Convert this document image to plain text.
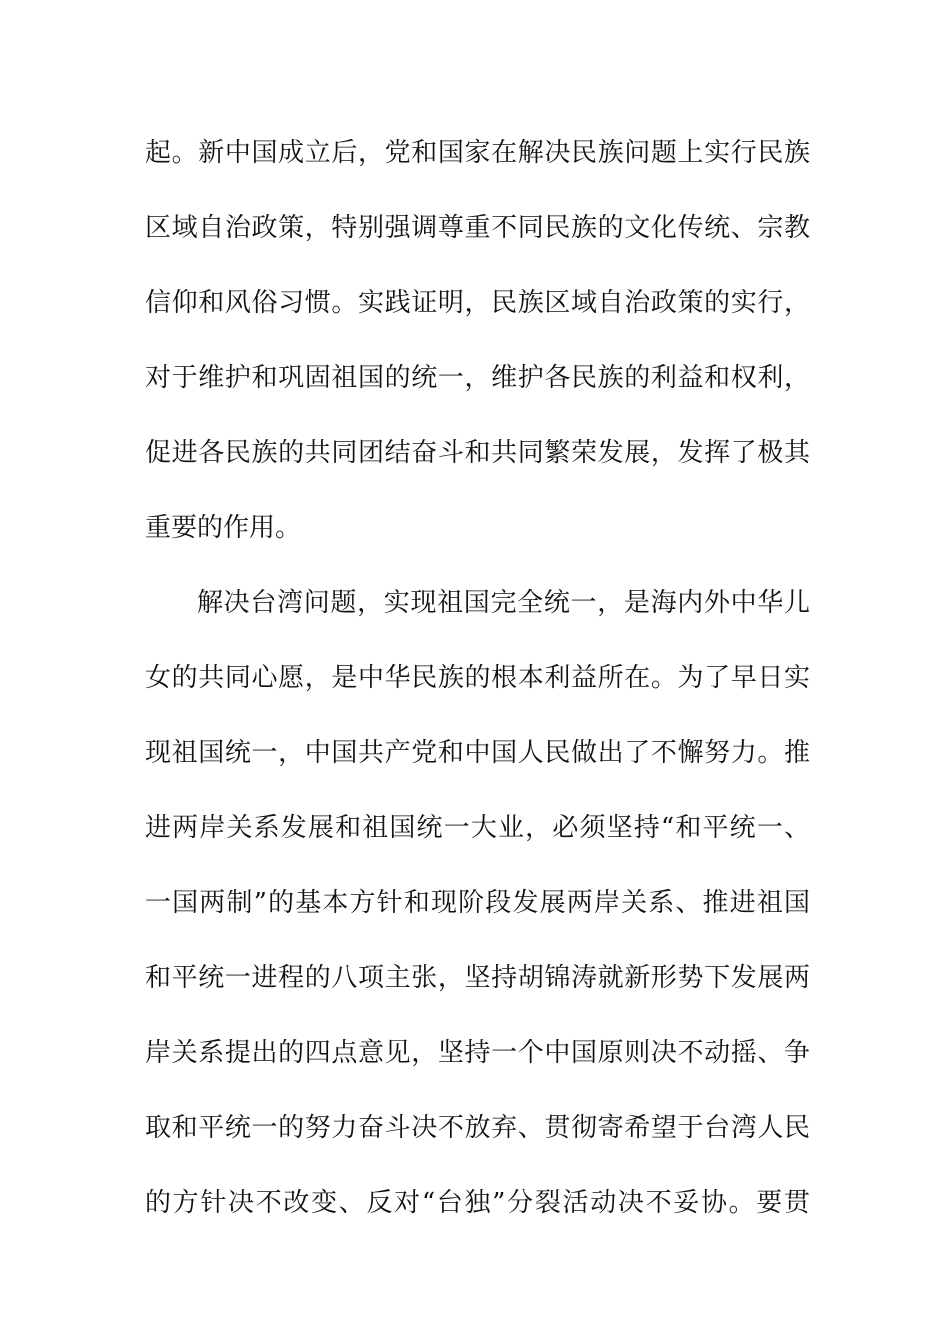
起。新中国成立后，党和国家在解决民族问题上实行民族
区域自治政策，特别强调尊重不同民族的文化传统、宗教
信仰和风俗习惯。实践证明，民族区域自治政策的实行，
对于维护和巩固祖国的统一，维护各民族的利益和权利，
促进各民族的共同团结奋斗和共同繁荣发展，发挥了极其
重要的作用。
解决台湾问题，实现祖国完全统一，是海内外中华儿
女的共同心愿，是中华民族的根本利益所在。为了早日实
现祖国统一，中国共产党和中国人民做出了不懈努力。推
进两岸关系发展和祖国统一大业，必须坚持“和平统一、
一国两制”的基本方针和现阶段发展两岸关系、推进祖国
和平统一进程的八项主张，坚持胡锦涛就新形势下发展两
岸关系提出的四点意见，坚持一个中国原则决不动摇、争
取和平统一的努力奋斗决不放弃、贯彻寄希望于台湾人民
的方针决不改变、反对“台独”分裂活动决不妥协。要贯
